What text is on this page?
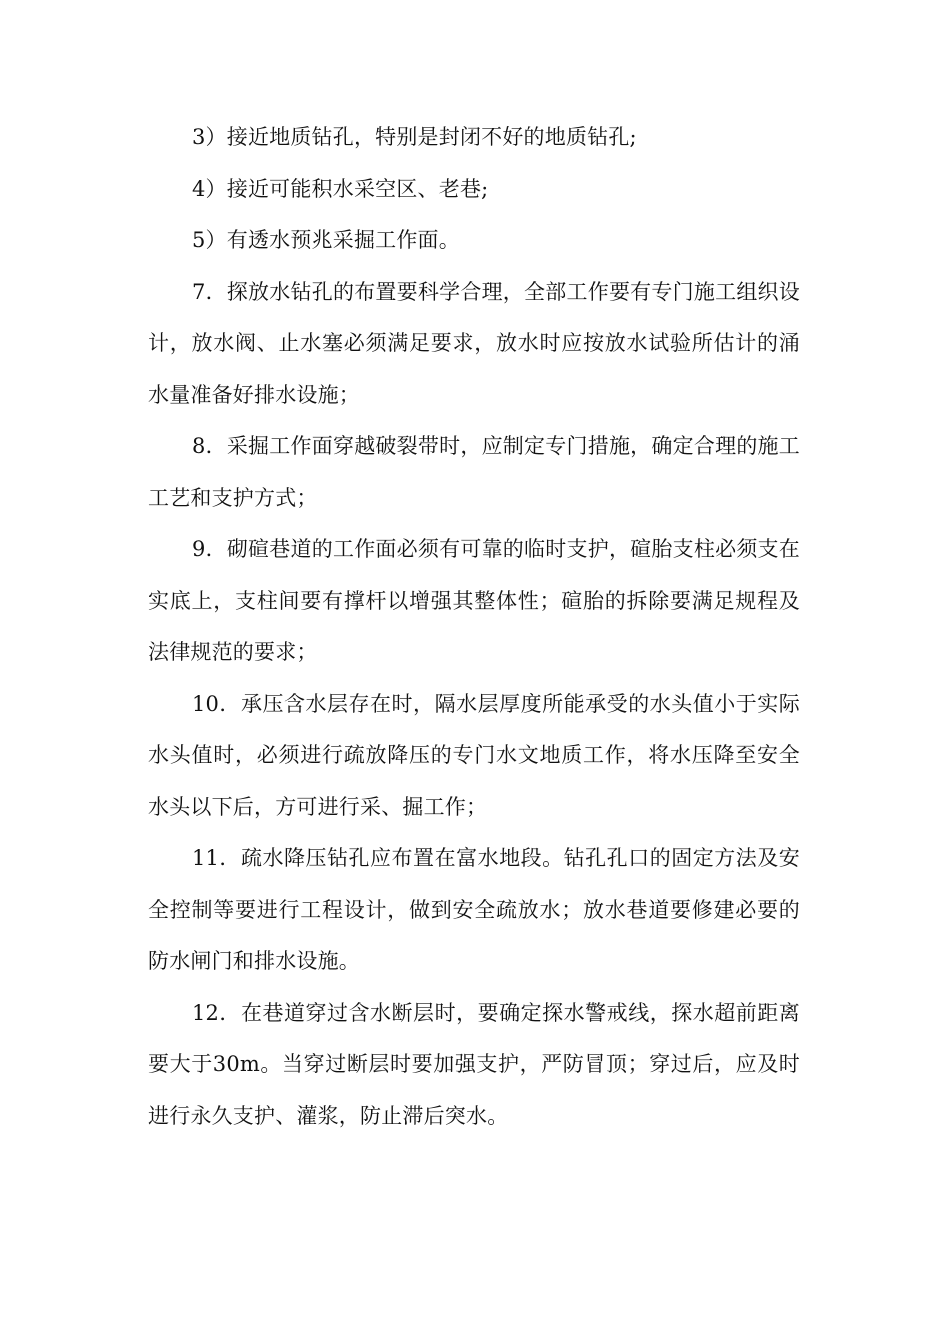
3）接近地质钻孔，特别是封闭不好的地质钻孔;

4）接近可能积水采空区、老巷;

5）有透水预兆采掘工作面。

7．探放水钻孔的布置要科学合理，全部工作要有专门施工组织设计，放水阀、止水塞必须满足要求，放水时应按放水试验所估计的涌水量准备好排水设施；

8．采掘工作面穿越破裂带时，应制定专门措施，确定合理的施工工艺和支护方式；

9．砌碹巷道的工作面必须有可靠的临时支护，碹胎支柱必须支在实底上，支柱间要有撑杆以增强其整体性；碹胎的拆除要满足规程及法律规范的要求；

10．承压含水层存在时，隔水层厚度所能承受的水头值小于实际水头值时，必须进行疏放降压的专门水文地质工作，将水压降至安全水头以下后，方可进行采、掘工作；

11．疏水降压钻孔应布置在富水地段。钻孔孔口的固定方法及安全控制等要进行工程设计，做到安全疏放水；放水巷道要修建必要的防水闸门和排水设施。

12．在巷道穿过含水断层时，要确定探水警戒线，探水超前距离要大于30m。当穿过断层时要加强支护，严防冒顶；穿过后，应及时进行永久支护、灌浆，防止滞后突水。
